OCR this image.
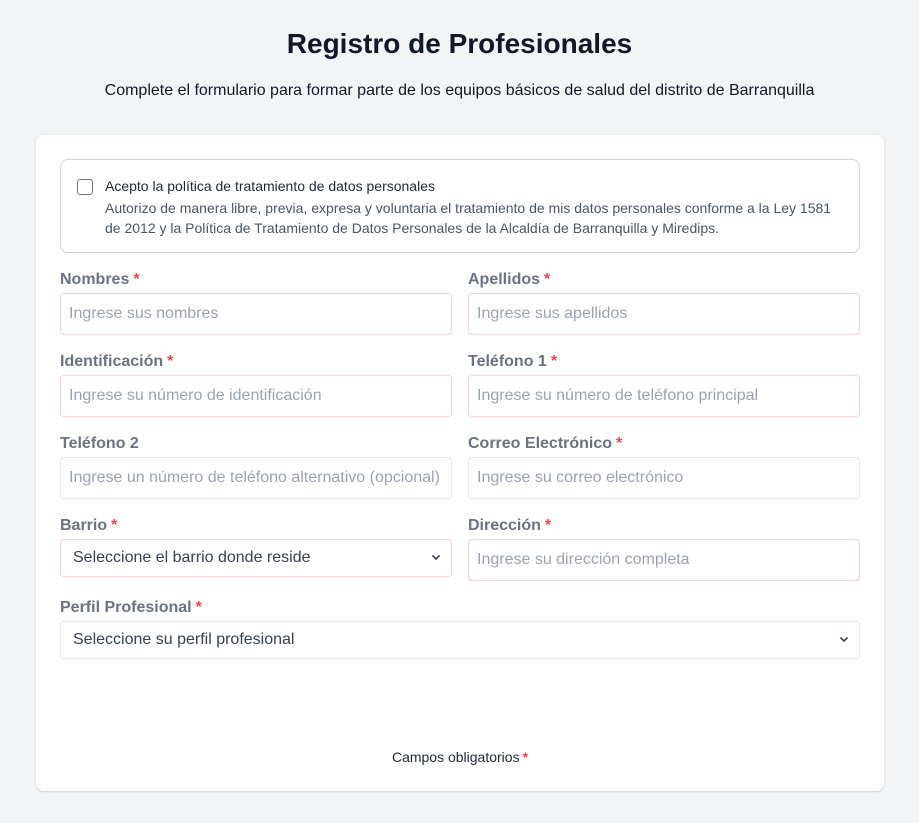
Registro de Profesionales

Complete el formulario para formar parte de los equipos básicos de salud del distrito de Barranquilla

Acepto la política de tratamiento de datos personales
Autorizo de manera libre, previa, expresa y voluntaria el tratamiento de mis datos personales conforme a la Ley 1581 de 2012 y la Política de Tratamiento de Datos Personales de la Alcaldía de Barranquilla y Miredips.
Nombres *
Ingrese sus nombres
Apellidos *
Ingrese sus apellidos
Identificación *
Ingrese su número de identificación
Teléfono 1 *
Ingrese su número de teléfono principal
Teléfono 2
Ingrese un número de teléfono alternativo (opcional)
Correo Electrónico *
Ingrese su correo electrónico
Barrio *
Seleccione el barrio donde reside
Dirección *
Ingrese su dirección completa
Perfil Profesional *
Seleccione su perfil profesional
Campos obligatorios *
